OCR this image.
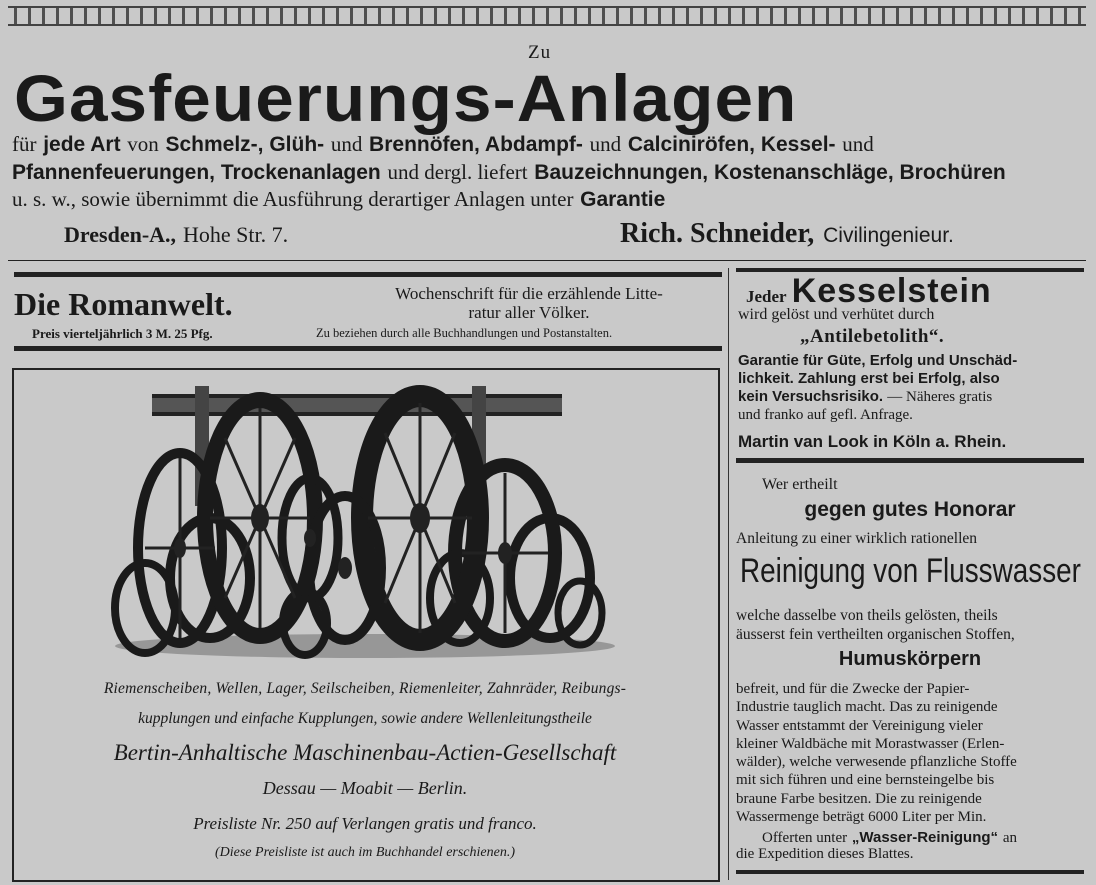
Zu
Gasfeuerungs-Anlagen
für jede Art von Schmelz-, Glüh- und Brennöfen, Abdampf- und Calciniröfen, Kessel- und
Pfannenfeuerungen, Trockenanlagen und dergl. liefert Bauzeichnungen, Kostenanschläge, Brochüren
u. s. w., sowie übernimmt die Ausführung derartiger Anlagen unter Garantie
Dresden-A., Hohe Str. 7.	Rich. Schneider, Civilingenieur.
Die Romanwelt.	Wochenschrift für die erzählende Litte-
ratur aller Völker.
Preis vierteljährlich 3 M. 25 Pfg.	Zu beziehen durch alle Buchhandlungen und Postanstalten.
Riemenscheiben, Wellen, Lager, Seilscheiben, Riemenleiter, Zahnräder, Reibungs-
kupplungen und einfache Kupplungen, sowie andere Wellenleitungstheile
Bertin-Anhaltische Maschinenbau-Actien-Gesellschaft
Dessau — Moabit — Berlin.
Preisliste Nr. 250 auf Verlangen gratis und franco.
(Diese Preisliste ist auch im Buchhandel erschienen.)
Jeder Kesselstein
wird gelöst und verhütet durch
„Antilebetolith“.
Garantie für Güte, Erfolg und Unschäd-
lichkeit. Zahlung erst bei Erfolg, also
kein Versuchsrisiko. — Näheres gratis
und franko auf gefl. Anfrage.
Martin van Look in Köln a. Rhein.
Wer ertheilt
gegen gutes Honorar
Anleitung zu einer wirklich rationellen
Reinigung von Flusswasser
welche dasselbe von theils gelösten, theils
äusserst fein vertheilten organischen Stoffen,
Humuskörpern
befreit, und für die Zwecke der Papier-
Industrie tauglich macht. Das zu reinigende
Wasser entstammt der Vereinigung vieler
kleiner Waldbäche mit Morastwasser (Erlen-
wälder), welche verwesende pflanzliche Stoffe
mit sich führen und eine bernsteingelbe bis
braune Farbe besitzen. Die zu reinigende
Wassermenge beträgt 6000 Liter per Min.
Offerten unter „Wasser-Reinigung“ an
die Expedition dieses Blattes.
